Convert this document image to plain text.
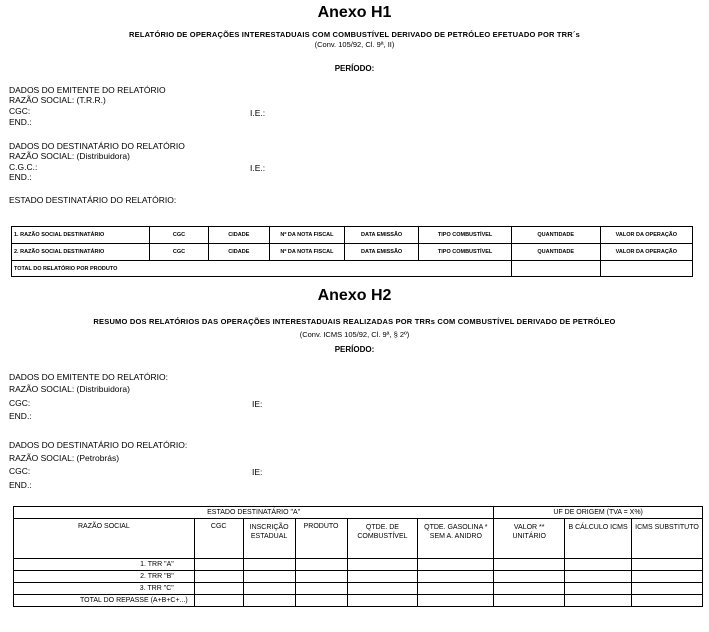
Anexo H1
RELATÓRIO DE OPERAÇÕES INTERESTADUAIS COM COMBUSTÍVEL DERIVADO DE PETRÓLEO EFETUADO POR TRR´s
(Conv. 105/92, Cl. 9ª, II)
PERÍODO:
DADOS DO EMITENTE DO RELATÓRIO
RAZÃO SOCIAL: (T.R.R.)
CGC:	I.E.:
END.:
DADOS DO DESTINATÁRIO DO RELATÓRIO
RAZÃO SOCIAL: (Distribuidora)
C.G.C.:	I.E.:
END.:
ESTADO DESTINATÁRIO DO RELATÓRIO:
1. RAZÃO SOCIAL DESTINATÁRIO	CGC	CIDADE	Nº DA NOTA FISCAL	DATA EMISSÃO	TIPO COMBUSTÍVEL	QUANTIDADE	VALOR DA OPERAÇÃO
2. RAZÃO SOCIAL DESTINATÁRIO	CGC	CIDADE	Nº DA NOTA FISCAL	DATA EMISSÃO	TIPO COMBUSTÍVEL	QUANTIDADE	VALOR DA OPERAÇÃO
TOTAL DO RELATÓRIO POR PRODUTO							
Anexo H2
RESUMO DOS RELATÓRIOS DAS OPERAÇÕES INTERESTADUAIS REALIZADAS POR TRRs COM COMBUSTÍVEL DERIVADO DE PETRÓLEO
(Conv. ICMS 105/92, Cl. 9ª, § 2º)
PERÍODO:
DADOS DO EMITENTE DO RELATÓRIO:
RAZÃO SOCIAL: (Distribuidora)
CGC:	IE:
END.:
DADOS DO DESTINATÁRIO DO RELATÓRIO:
RAZÃO SOCIAL: (Petrobrás)
CGC:	IE:
END.:
ESTADO DESTINATÁRIO "A"						UF DE ORIGEM (TVA = X%)		
RAZÃO SOCIAL	CGC	INSCRIÇÃO ESTADUAL	PRODUTO	QTDE. DE COMBUSTÍVEL	QTDE. GASOLINA * SEM A. ANIDRO	VALOR ** UNITÁRIO	B CÁLCULO ICMS	ICMS SUBSTITUTO
1. TRR "A"								
2. TRR "B"								
3. TRR "C"								
TOTAL DO REPASSE (A+B+C+...)								
